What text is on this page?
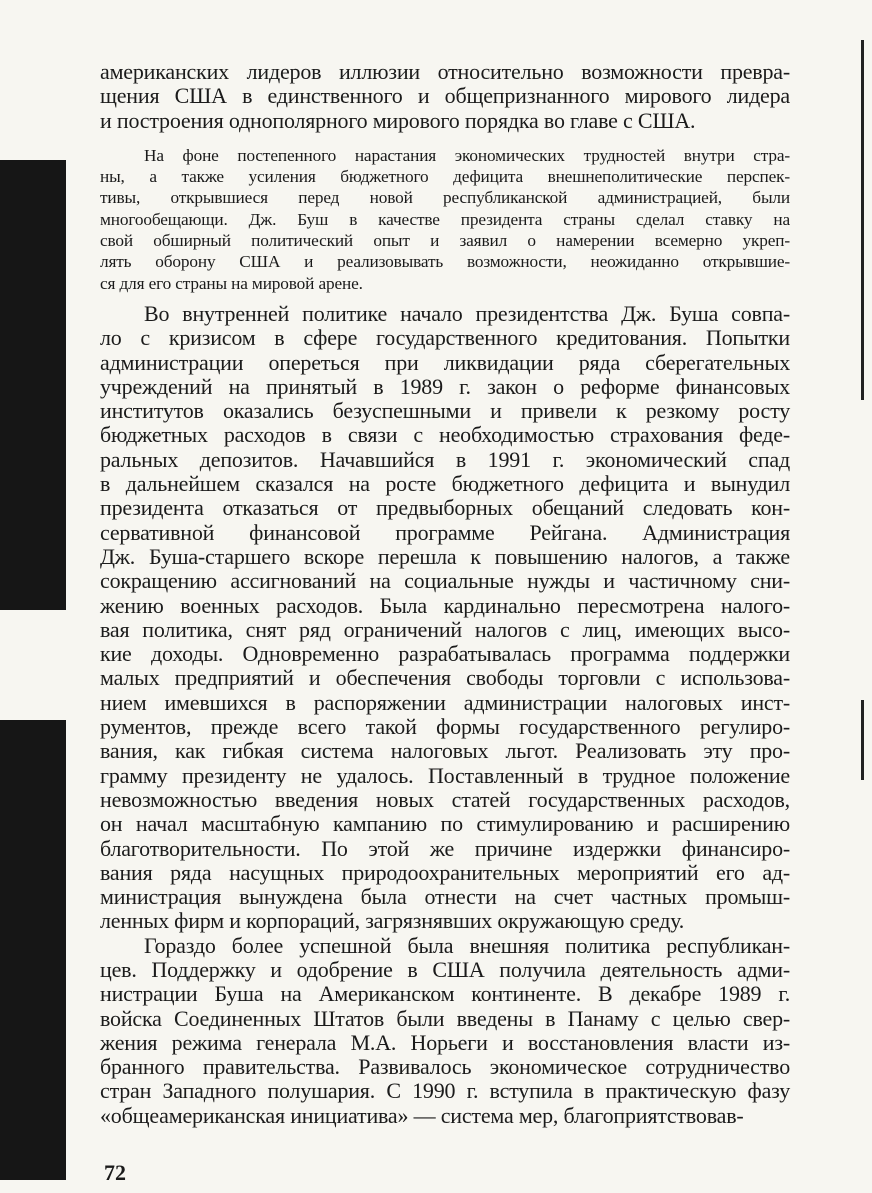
американских лидеров иллюзии относительно возможности превра-
щения США в единственного и общепризнанного мирового лидера
и построения однополярного мирового порядка во главе с США.
На фоне постепенного нарастания экономических трудностей внутри стра-
ны, а также усиления бюджетного дефицита внешнеполитические перспек-
тивы, открывшиеся перед новой республиканской администрацией, были
многообещающи. Дж. Буш в качестве президента страны сделал ставку на
свой обширный политический опыт и заявил о намерении всемерно укреп-
лять оборону США и реализовывать возможности, неожиданно открывшие-
ся для его страны на мировой арене.
Во внутренней политике начало президентства Дж. Буша совпа-
ло с кризисом в сфере государственного кредитования. Попытки
администрации опереться при ликвидации ряда сберегательных
учреждений на принятый в 1989 г. закон о реформе финансовых
институтов оказались безуспешными и привели к резкому росту
бюджетных расходов в связи с необходимостью страхования феде-
ральных депозитов. Начавшийся в 1991 г. экономический спад
в дальнейшем сказался на росте бюджетного дефицита и вынудил
президента отказаться от предвыборных обещаний следовать кон-
сервативной финансовой программе Рейгана. Администрация
Дж. Буша-старшего вскоре перешла к повышению налогов, а также
сокращению ассигнований на социальные нужды и частичному сни-
жению военных расходов. Была кардинально пересмотрена налого-
вая политика, снят ряд ограничений налогов с лиц, имеющих высо-
кие доходы. Одновременно разрабатывалась программа поддержки
малых предприятий и обеспечения свободы торговли с использова-
нием имевшихся в распоряжении администрации налоговых инст-
рументов, прежде всего такой формы государственного регулиро-
вания, как гибкая система налоговых льгот. Реализовать эту про-
грамму президенту не удалось. Поставленный в трудное положение
невозможностью введения новых статей государственных расходов,
он начал масштабную кампанию по стимулированию и расширению
благотворительности. По этой же причине издержки финансиро-
вания ряда насущных природоохранительных мероприятий его ад-
министрация вынуждена была отнести на счет частных промыш-
ленных фирм и корпораций, загрязнявших окружающую среду.
Гораздо более успешной была внешняя политика республикан-
цев. Поддержку и одобрение в США получила деятельность адми-
нистрации Буша на Американском континенте. В декабре 1989 г.
войска Соединенных Штатов были введены в Панаму с целью свер-
жения режима генерала М.А. Норьеги и восстановления власти из-
бранного правительства. Развивалось экономическое сотрудничество
стран Западного полушария. С 1990 г. вступила в практическую фазу
«общеамериканская инициатива» — система мер, благоприятствовав-
72
